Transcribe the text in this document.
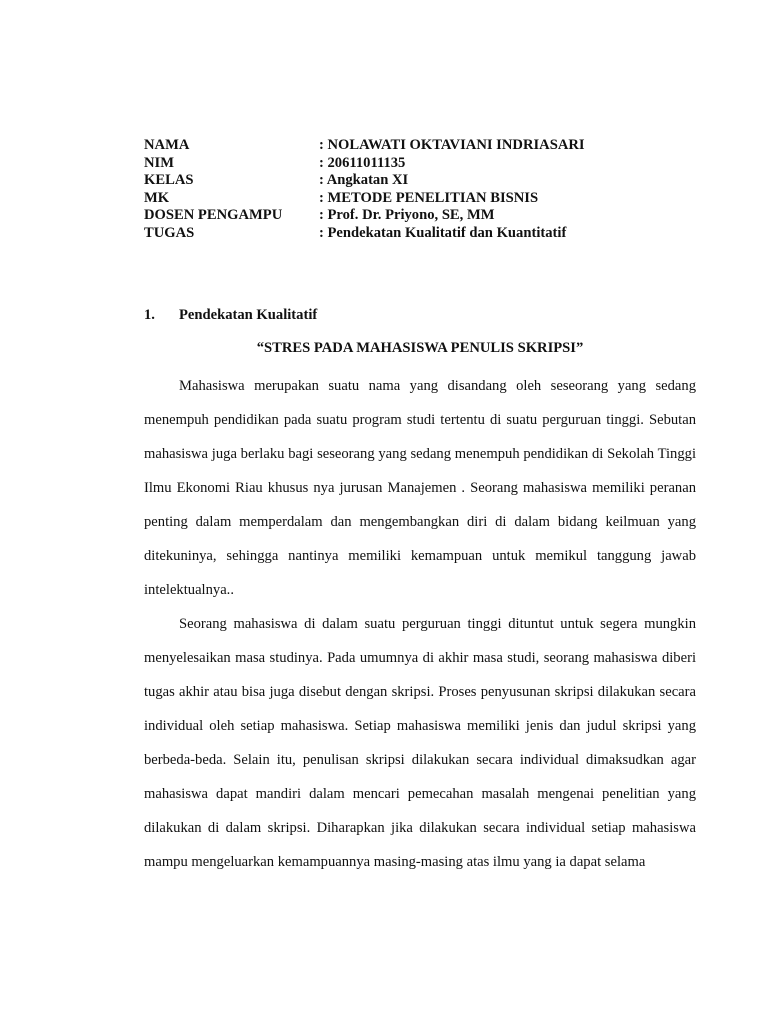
NAMA	: NOLAWATI OKTAVIANI INDRIASARI
NIM	: 20611011135
KELAS	: Angkatan XI
MK	: METODE PENELITIAN BISNIS
DOSEN PENGAMPU	: Prof. Dr. Priyono, SE, MM
TUGAS	: Pendekatan Kualitatif dan Kuantitatif
1. Pendekatan Kualitatif
“STRES PADA MAHASISWA PENULIS SKRIPSI”

Mahasiswa merupakan suatu nama yang disandang oleh seseorang yang sedang menempuh pendidikan pada suatu program studi tertentu di suatu perguruan tinggi. Sebutan mahasiswa juga berlaku bagi seseorang yang sedang menempuh pendidikan di Sekolah Tinggi Ilmu Ekonomi Riau khusus nya jurusan Manajemen . Seorang mahasiswa memiliki peranan penting dalam memperdalam dan mengembangkan diri di dalam bidang keilmuan yang ditekuninya, sehingga nantinya memiliki kemampuan untuk memikul tanggung jawab intelektualnya..

Seorang mahasiswa di dalam suatu perguruan tinggi dituntut untuk segera mungkin menyelesaikan masa studinya. Pada umumnya di akhir masa studi, seorang mahasiswa diberi tugas akhir atau bisa juga disebut dengan skripsi. Proses penyusunan skripsi dilakukan secara individual oleh setiap mahasiswa. Setiap mahasiswa memiliki jenis dan judul skripsi yang berbeda-beda. Selain itu, penulisan skripsi dilakukan secara individual dimaksudkan agar mahasiswa dapat mandiri dalam mencari pemecahan masalah mengenai penelitian yang dilakukan di dalam skripsi. Diharapkan jika dilakukan secara individual setiap mahasiswa mampu mengeluarkan kemampuannya masing-masing atas ilmu yang ia dapat selama
